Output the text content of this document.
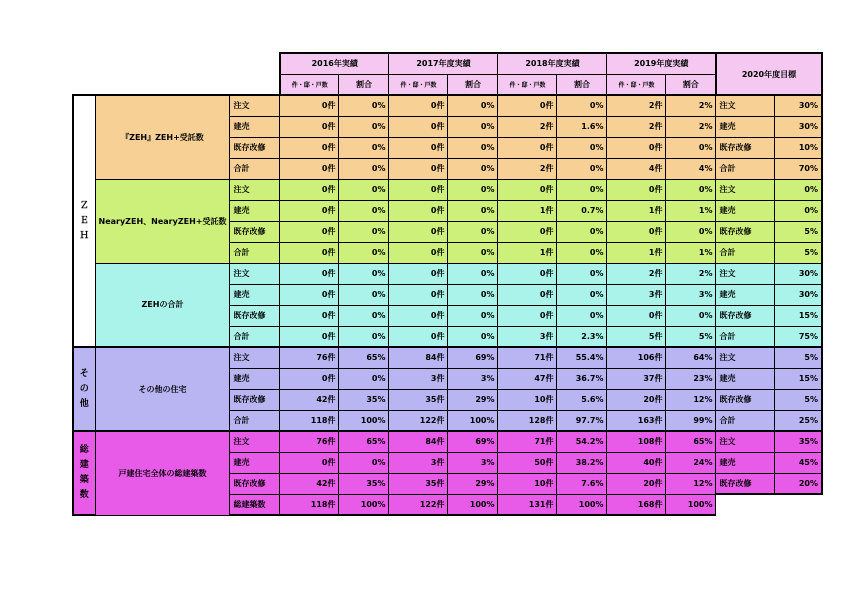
			2016年実績		2017年度実績		2018年度実績		2019年度実績		2020年度目標	
			件・邸・戸数	割合	件・邸・戸数	割合	件・邸・戸数	割合	件・邸・戸数	割合		

Ｚ
Ｅ
Ｈ	『ZEH』ZEH+受託数	注文	0件	0%	0件	0%	0件	0%	2件	2%	注文	30%
		建売	0件	0%	0件	0%	2件	1.6%	2件	2%	建売	30%
		既存改修	0件	0%	0件	0%	0件	0%	0件	0%	既存改修	10%
		合計	0件	0%	0件	0%	2件	0%	4件	4%	合計	70%
	NearyZEH、NearyZEH+受託数	注文	0件	0%	0件	0%	0件	0%	0件	0%	注文	0%
		建売	0件	0%	0件	0%	1件	0.7%	1件	1%	建売	0%
		既存改修	0件	0%	0件	0%	0件	0%	0件	0%	既存改修	5%
		合計	0件	0%	0件	0%	1件	0%	1件	1%	合計	5%
	ZEHの合計	注文	0件	0%	0件	0%	0件	0%	2件	2%	注文	30%
		建売	0件	0%	0件	0%	0件	0%	3件	3%	建売	30%
		既存改修	0件	0%	0件	0%	0件	0%	0件	0%	既存改修	15%
		合計	0件	0%	0件	0%	3件	2.3%	5件	5%	合計	75%

そ
の
他	その他の住宅	注文	76件	65%	84件	69%	71件	55.4%	106件	64%	注文	5%
		建売	0件	0%	3件	3%	47件	36.7%	37件	23%	建売	15%
		既存改修	42件	35%	35件	29%	10件	5.6%	20件	12%	既存改修	5%
		合計	118件	100%	122件	100%	128件	97.7%	163件	99%	合計	25%

総
建
築
数	戸建住宅全体の総建築数	注文	76件	65%	84件	69%	71件	54.2%	108件	65%	注文	35%
		建売	0件	0%	3件	3%	50件	38.2%	40件	24%	建売	45%
		既存改修	42件	35%	35件	29%	10件	7.6%	20件	12%	既存改修	20%
		総建築数	118件	100%	122件	100%	131件	100%	168件	100%		
